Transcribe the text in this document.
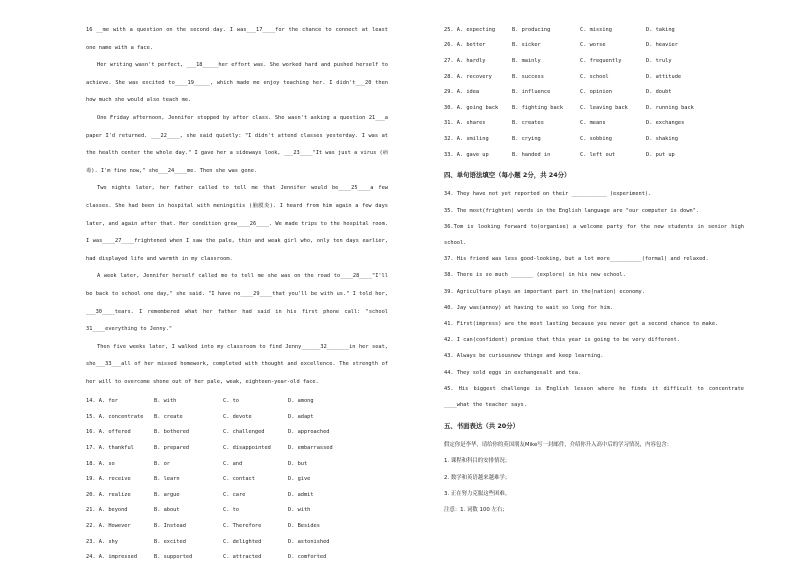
16 __me with a question on the second day. I was___17____for the chance to connect at least one name with a face.

Her writing wasn't perfect, ___18_____her effort was. She worked hard and pushed herself to achieve. She was excited to____19_____, which made me enjoy teaching her. I didn't___20 then how much she would also teach me.

One Friday afternoon, Jennifer stopped by after class. She wasn't asking a question 21___a paper I'd returned. ___22____, she said quietly: "I didn't attend classes yesterday. I was at the health center the whole day." I gave her a sideways look, ___23____"It was just a virus (病毒). I'm fine now," she___24____me. Then she was gone.

Two nights later, her father called to tell me that Jennifer would be____25____a few classes. She had been in hospital with meningitis (脑膜炎). I heard from him again a few days later, and again after that. Her condition grew____26____. We made trips to the hospital room. I was____27____frightened when I saw the pale, thin and weak girl who, only ten days earlier, had displayed life and warmth in my classroom.

A week later, Jennifer herself called me to tell me she was on the road to____28____"I'll be back to school one day," she said. "I have no____29____that you'll be with us." I told her, ___30____tears. I remembered what her father had said in his first phone call: "school 31____everything to Jenny."

Then five weeks later, I walked into my classroom to find Jenny______32_______in her seat, she___33___all of her missed homework, completed with thought and excellence. The strength of her will to overcome shone out of her pale, weak, eighteen-year-old face.

14. A. for	B. with	C. to	D. among
15. A. concentrate	B. create	C. devote	D. adapt
16. A. offered	B. bothered	C. challenged	D. approached
17. A. thankful	B. prepared	C. disappointed	D. embarrassed
18. A. so	B. or	C. and	D. but
19. A. receive	B. learn	C. contact	D. give
20. A. realize	B. argue	C. care	D. admit
21. A. beyond	B. about	C. to	D. with
22. A. However	B. Instead	C. Therefore	D. Besides
23. A. shy	B. excited	C. delighted	D. astonished
24. A. impressed	B. supported	C. attracted	D. comforted
25. A. expecting	B. producing	C. missing	D. taking
26. A. better	B. sicker	C. worse	D. heavier
27. A. hardly	B. mainly	C. frequently	D. truly
28. A. recovery	B. success	C. school	D. attitude
29. A. idea	B. influence	C. opinion	D. doubt
30. A. going back	B. fighting back	C. leaving back	D. running back
31. A. shares	B. creates	C. means	D. exchanges
32. A. smiling	B. crying	C. sobbing	D. shaking
33. A. gave up	B. handed in	C. left out	D. put up
四、单句语法填空（每小题 2分，共 24分）

34. They have not yet reported on their ___________ (experiment).

35. The most(frighten) words in the English language are "our computer is down".

36.Tom is looking forward to(organise) a welcome party for the new students in senior high school.

37. His friend was less good-looking, but a lot more__________(formal) and relaxed.

38. There is so much _______ (explore) in his new school.

39. Agriculture plays an important part in the(nation) economy.

40. Jay was(annoy) at having to wait so long for him.

41. First(impress) are the most lasting because you never get a second chance to make.

42. I can(confident) promise that this year is going to be very different.

43. Always be curiousnew things and keep learning.

44. They sold eggs in exchangesalt and tea.

45. His biggest challenge is English lesson where he finds it difficult to concentrate ____what the teacher says.

五、书面表达（共 20分）

假定你是李华，请给你的英国朋友Mike写一封邮件，介绍你升入高中后的学习情况，内容包含：

1. 课程和科目的安排情况；

2. 数学和英语越来越难学；

3. 正在努力克服这些困难。

注意：1. 词数 100 左右；
